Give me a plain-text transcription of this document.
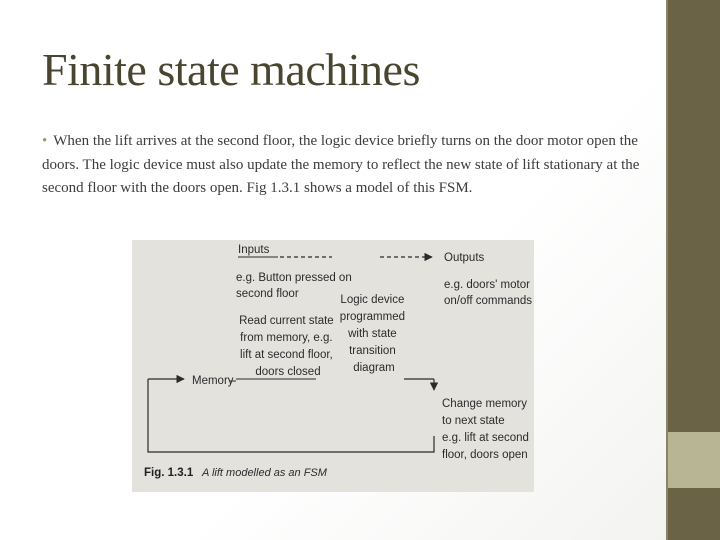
Finite state machines
• When the lift arrives at the second floor, the logic device briefly turns on the door motor open the doors. The logic device must also update the memory to reflect the new state of lift stationary at the second floor with the doors open. Fig 1.3.1 shows a model of this FSM.
Inputs
Outputs
e.g. Button pressed on second floor
e.g. doors' motor on/off commands
Logic device programmed with state transition diagram
Read current state from memory, e.g. lift at second floor, doors closed
Memory
Change memory to next state e.g. lift at second floor, doors open
Fig. 1.3.1 A lift modelled as an FSM
